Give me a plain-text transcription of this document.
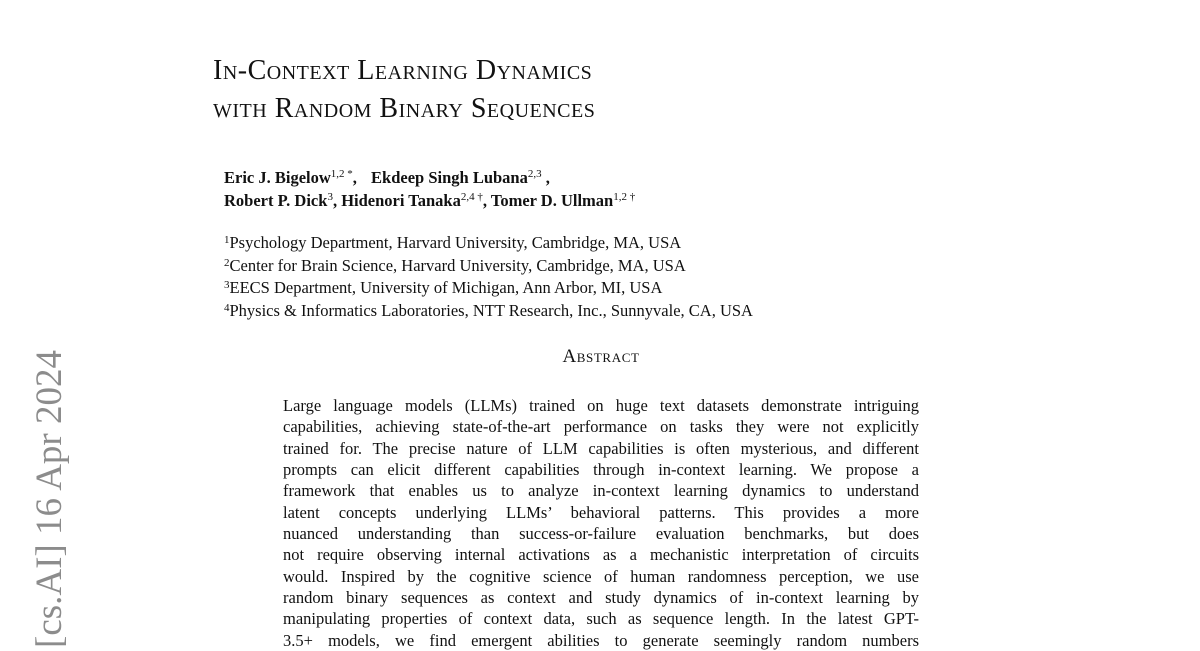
[cs.AI] 16 Apr 2024
In-Context Learning Dynamics
with Random Binary Sequences
Eric J. Bigelow$^{1,2 *}$, Ekdeep Singh Lubana$^{2,3}$ ,
Robert P. Dick$^3$, Hidenori Tanaka$^{2,4 \dagger}$, Tomer D. Ullman$^{1,2 \dagger}$
$^1$Psychology Department, Harvard University, Cambridge, MA, USA
$^2$Center for Brain Science, Harvard University, Cambridge, MA, USA
$^3$EECS Department, University of Michigan, Ann Arbor, MI, USA
$^4$Physics & Informatics Laboratories, NTT Research, Inc., Sunnyvale, CA, USA
Abstract
Large language models (LLMs) trained on huge text datasets demonstrate intriguing
capabilities, achieving state-of-the-art performance on tasks they were not explicitly
trained for. The precise nature of LLM capabilities is often mysterious, and different
prompts can elicit different capabilities through in-context learning. We propose a
framework that enables us to analyze in-context learning dynamics to understand
latent concepts underlying LLMs’ behavioral patterns. This provides a more
nuanced understanding than success-or-failure evaluation benchmarks, but does
not require observing internal activations as a mechanistic interpretation of circuits
would. Inspired by the cognitive science of human randomness perception, we use
random binary sequences as context and study dynamics of in-context learning by
manipulating properties of context data, such as sequence length. In the latest GPT-
3.5+ models, we find emergent abilities to generate seemingly random numbers
